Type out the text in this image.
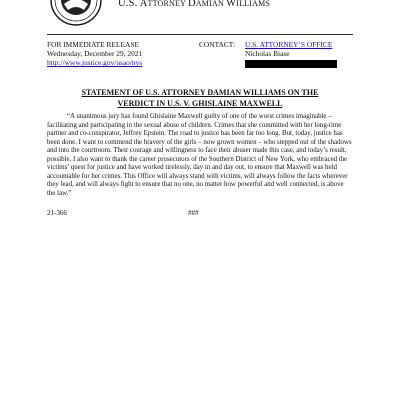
U.S. ATTORNEY DAMIAN WILLIAMS
FOR IMMEDIATE RELEASE
Wednesday, December 29, 2021
http://www.justice.gov/usao/nys
CONTACT: U.S. ATTORNEY’S OFFICE
Nicholas Biase
STATEMENT OF U.S. ATTORNEY DAMIAN WILLIAMS ON THE
VERDICT IN U.S. V. GHISLAINE MAXWELL

“A unanimous jury has found Ghislaine Maxwell guilty of one of the worst crimes imaginable – facilitating and participating in the sexual abuse of children. Crimes that she committed with her long-time partner and co-conspirator, Jeffrey Epstein. The road to justice has been far too long. But, today, justice has been done. I want to commend the bravery of the girls – now grown women – who stepped out of the shadows and into the courtroom. Their courage and willingness to face their abuser made this case, and today’s result, possible. I also want to thank the career prosecutors of the Southern District of New York, who embraced the victims’ quest for justice and have worked tirelessly, day in and day out, to ensure that Maxwell was held accountable for her crimes. This Office will always stand with victims, will always follow the facts wherever they lead, and will always fight to ensure that no one, no matter how powerful and well connected, is above the law.”

21-366	###
